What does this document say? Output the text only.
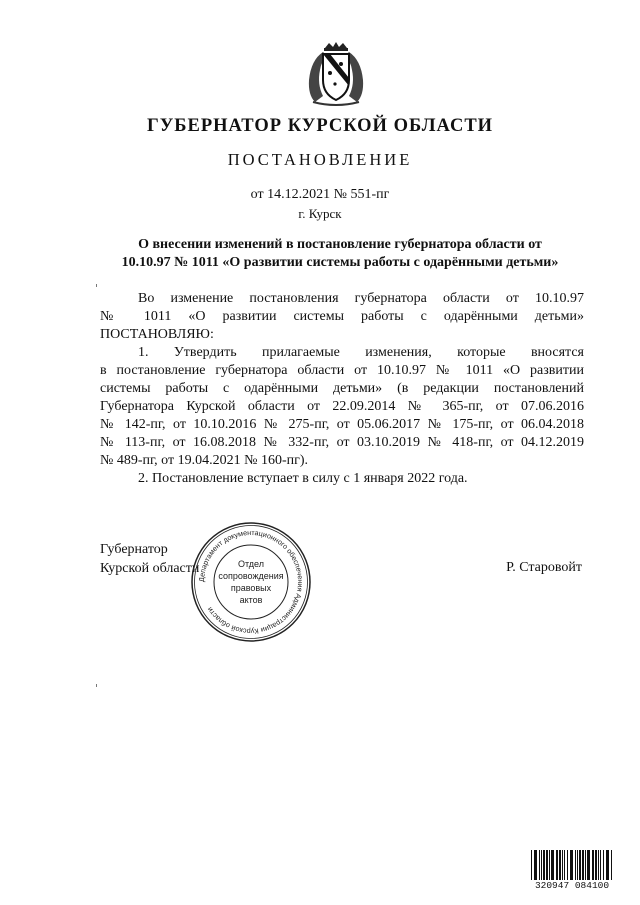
ГУБЕРНАТОР КУРСКОЙ ОБЛАСТИ
ПОСТАНОВЛЕНИЕ
от 14.12.2021 № 551-пг
г. Курск
О внесении изменений в постановление губернатора области от
10.10.97 № 1011 «О развитии системы работы с одарёнными детьми»

Во изменение постановления губернатора области от 10.10.97

№ 1011 «О развитии системы работы с одарёнными детьми»

ПОСТАНОВЛЯЮ:

1. Утвердить прилагаемые изменения, которые вносятся

в постановление губернатора области от 10.10.97 № 1011 «О развитии

системы работы с одарёнными детьми» (в редакции постановлений

Губернатора Курской области от 22.09.2014 № 365-пг, от 07.06.2016

№ 142-пг, от 10.10.2016 № 275-пг, от 05.06.2017 № 175-пг, от 06.04.2018

№ 113-пг, от 16.08.2018 № 332-пг, от 03.10.2019 № 418-пг, от 04.12.2019

№ 489-пг, от 19.04.2021 № 160-пг).

2. Постановление вступает в силу с 1 января 2022 года.

Губернатор
Курской области	Р. Старовойт
Департамент документационного обеспечения Администрации Курской области
Отдел
сопровождения
правовых
актов
320947 084100
